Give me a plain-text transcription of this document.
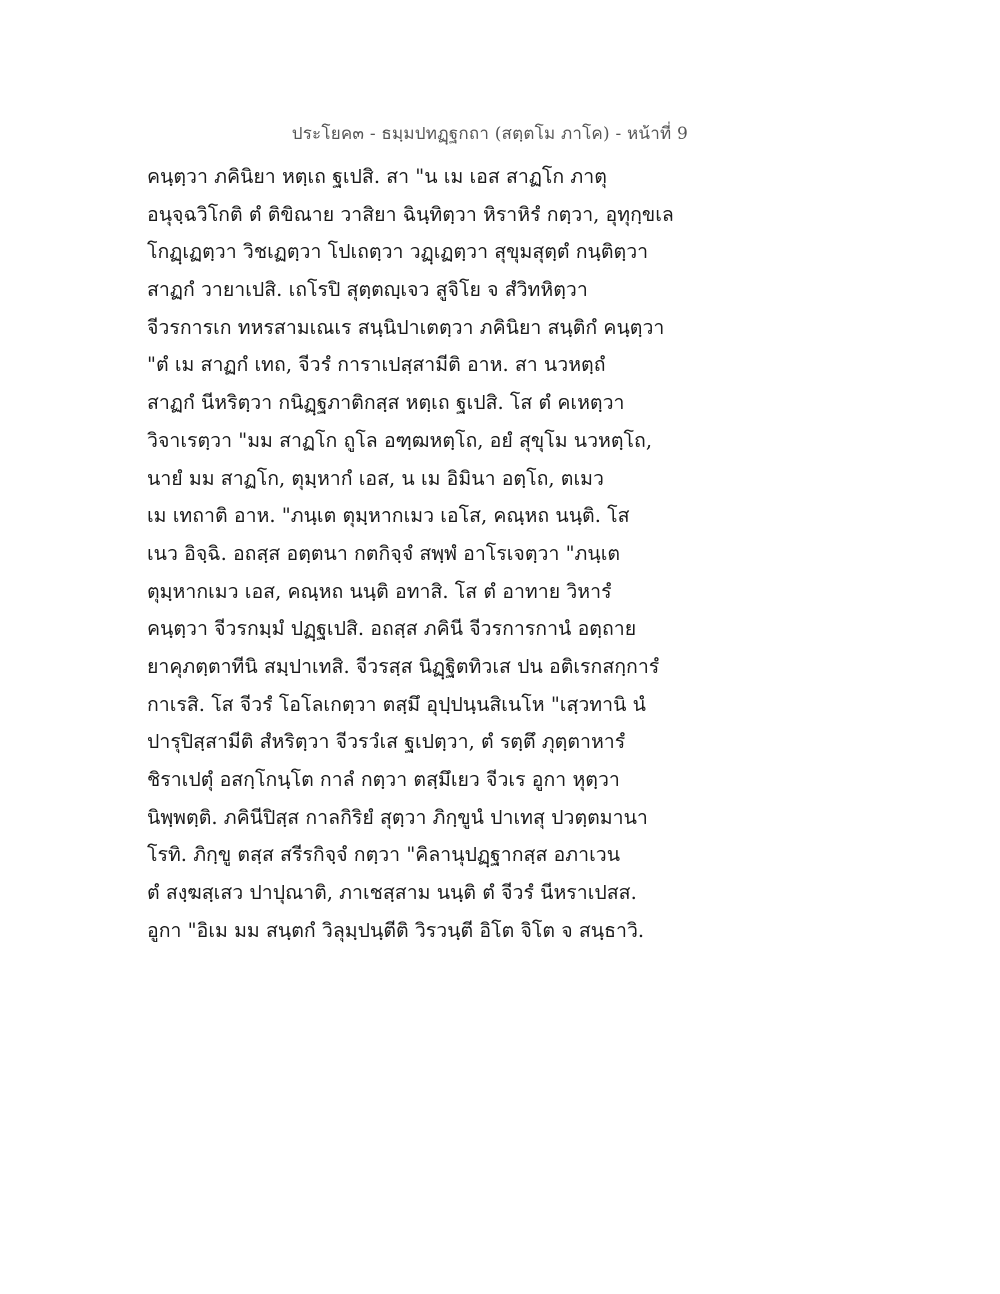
ประโยค๓ - ธมฺมปทฏฺฐกถา (สตฺตโม ภาโค) - หน้าที่ 9
คนฺตฺวา ภคินิยา หตฺเถ ฐเปสิ. สา "น เม เอส สาฏโก ภาตุ
อนุจฺฉวิโกติ ตํ ติขิณาย วาสิยา ฉินฺทิตฺวา หิราหิรํ กตฺวา, อุทุกฺขเล
โกฏฺเฏตฺวา วิชเฏตฺวา โปเถตฺวา วฏฺเฏตฺวา สุขุมสุตฺตํ กนฺติตฺวา
สาฏกํ วายาเปสิ. เถโรปิ สุตฺตญฺเจว สูจิโย จ สํวิทหิตฺวา
จีวรการเก ทหรสามเณเร สนฺนิปาเตตฺวา ภคินิยา สนฺติกํ คนฺตฺวา
"ตํ เม สาฏกํ เทถ, จีวรํ การาเปสฺสามีติ อาห. สา นวหตฺถํ
สาฏกํ นีหริตฺวา กนิฏฺฐภาติกสฺส หตฺเถ ฐเปสิ. โส ตํ คเหตฺวา
วิจาเรตฺวา "มม สาฏโก ถูโล อฑฺฒหตฺโถ, อยํ สุขุโม นวหตฺโถ,
นายํ มม สาฏโก, ตุมฺหากํ เอส, น เม อิมินา อตฺโถ, ตเมว
เม เทถาติ อาห. "ภนฺเต ตุมฺหากเมว เอโส, คณฺหถ นนฺติ. โส
เนว อิจฺฉิ. อถสฺส อตฺตนา กตกิจฺจํ สพฺพํ อาโรเจตฺวา "ภนฺเต
ตุมฺหากเมว เอส, คณฺหถ นนฺติ อทาสิ. โส ตํ อาทาย วิหารํ
คนฺตฺวา จีวรกมฺมํ ปฏฺฐเปสิ. อถสฺส ภคินี จีวรการกานํ อตฺถาย
ยาคุภตฺตาทีนิ สมฺปาเทสิ. จีวรสฺส นิฏฺฐิตทิวเส ปน อติเรกสกฺการํ
กาเรสิ. โส จีวรํ โอโลเกตฺวา ตสฺมึ อุปฺปนฺนสิเนโห "เสฺวทานิ นํ
ปารุปิสฺสามีติ สํหริตฺวา จีวรวํเส ฐเปตฺวา, ตํ รตฺตึ ภุตฺตาหารํ
ชิราเปตุํ อสกฺโกนฺโต กาลํ กตฺวา ตสฺมึเยว จีวเร อูกา หุตฺวา
นิพฺพตฺติ. ภคินีปิสฺส กาลกิริยํ สุตฺวา ภิกฺขูนํ ปาเทสุ ปวตฺตมานา
โรทิ. ภิกฺขู ตสฺส สรีรกิจฺจํ กตฺวา "คิลานุปฏฺฐากสฺส อภาเวน
ตํ สงฺฆสฺเสว ปาปุณาติ, ภาเชสฺสาม นนฺติ ตํ จีวรํ นีหราเปสส.
อูกา "อิเม มม สนฺตกํ วิลุมฺปนฺตีติ วิรวนฺตี อิโต จิโต จ สนฺธาวิ.
